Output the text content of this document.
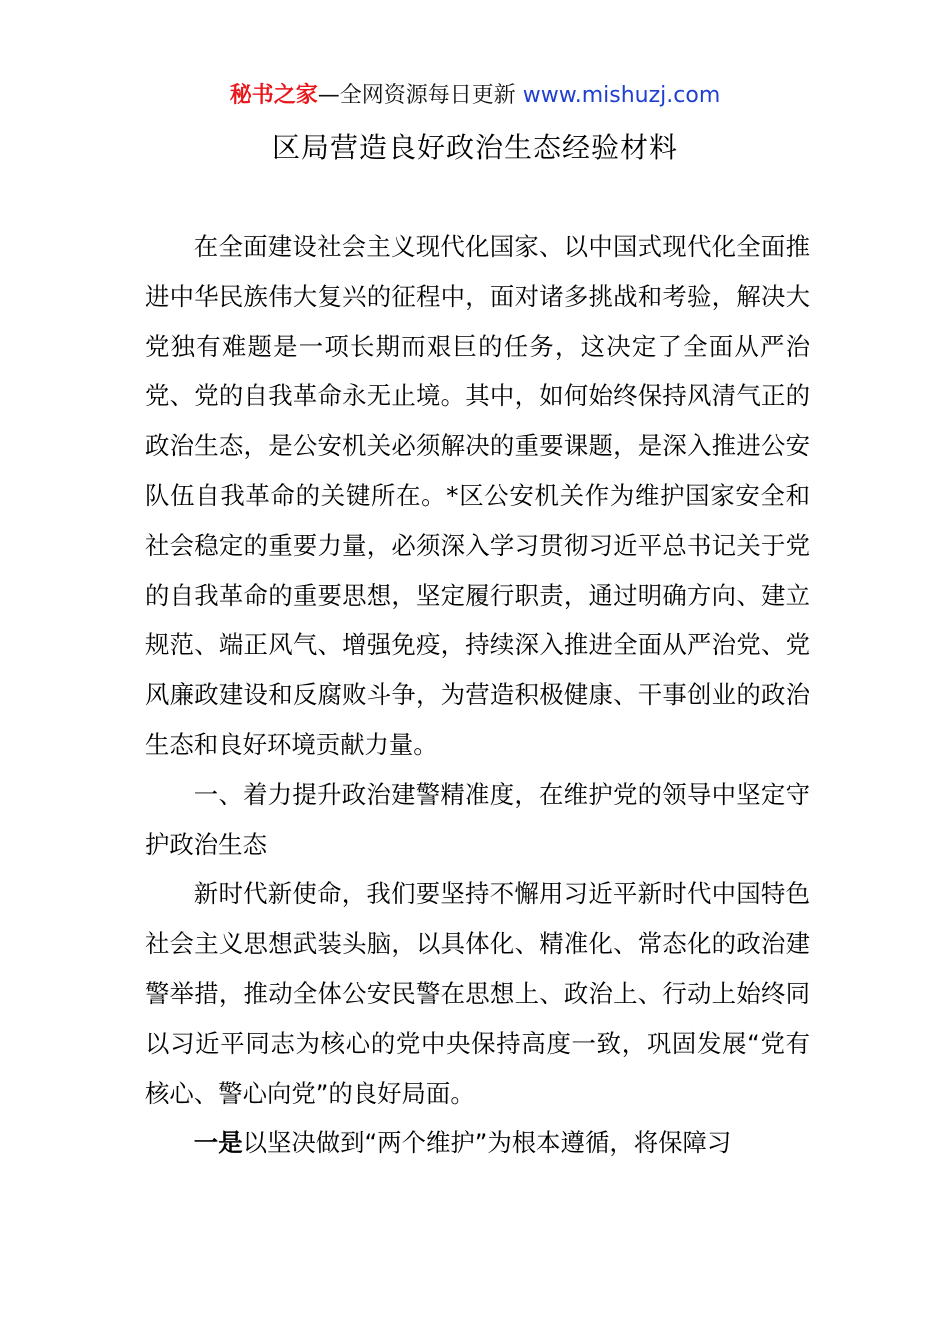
秘书之家—全网资源每日更新 www.mishuzj.com
区局营造良好政治生态经验材料

在全面建设社会主义现代化国家、以中国式现代化全面推进中华民族伟大复兴的征程中，面对诸多挑战和考验，解决大党独有难题是一项长期而艰巨的任务，这决定了全面从严治党、党的自我革命永无止境。其中，如何始终保持风清气正的政治生态，是公安机关必须解决的重要课题，是深入推进公安队伍自我革命的关键所在。*区公安机关作为维护国家安全和社会稳定的重要力量，必须深入学习贯彻习近平总书记关于党的自我革命的重要思想，坚定履行职责，通过明确方向、建立规范、端正风气、增强免疫，持续深入推进全面从严治党、党风廉政建设和反腐败斗争，为营造积极健康、干事创业的政治生态和良好环境贡献力量。

一、着力提升政治建警精准度，在维护党的领导中坚定守护政治生态

新时代新使命，我们要坚持不懈用习近平新时代中国特色社会主义思想武装头脑，以具体化、精准化、常态化的政治建警举措，推动全体公安民警在思想上、政治上、行动上始终同以习近平同志为核心的党中央保持高度一致，巩固发展“党有核心、警心向党”的良好局面。

一是以坚决做到“两个维护”为根本遵循，将保障习
